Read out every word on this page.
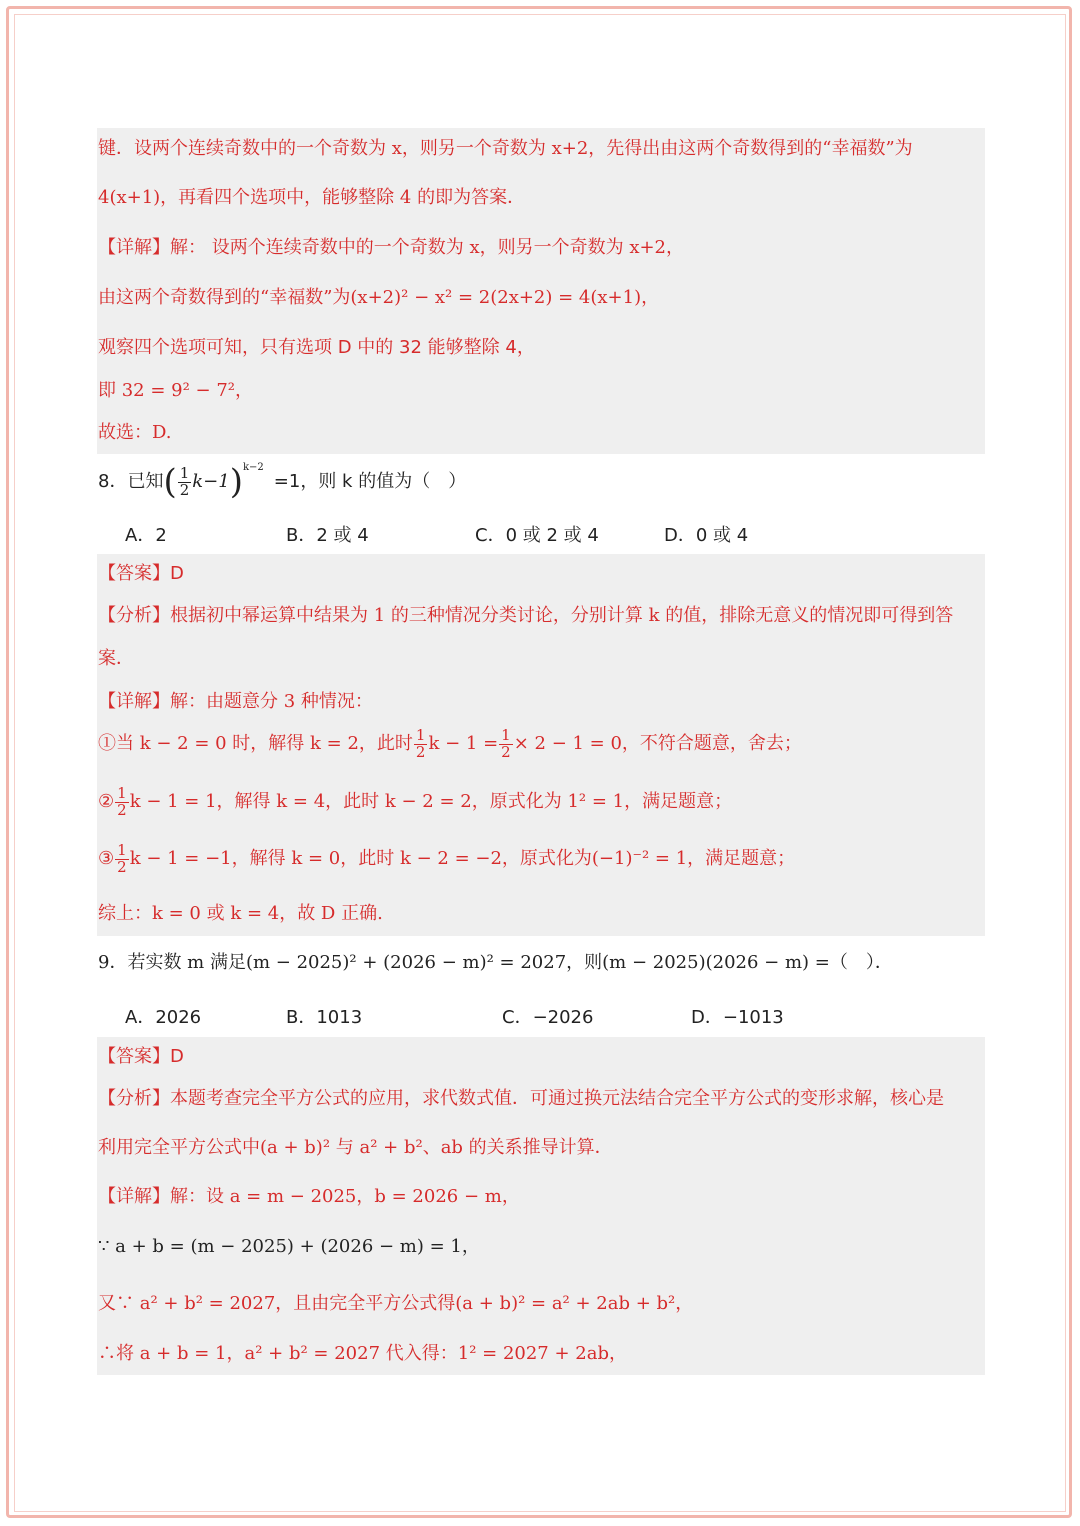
键．设两个连续奇数中的一个奇数为 x，则另一个奇数为 x+2，先得出由这两个奇数得到的“幸福数”为
4(x+1)，再看四个选项中，能够整除 4 的即为答案．
【详解】解： 设两个连续奇数中的一个奇数为 x，则另一个奇数为 x+2，
由这两个奇数得到的“幸福数”为(x+2)² − x² = 2(2x+2) = 4(x+1)，
观察四个选项可知，只有选项 D 中的 32 能够整除 4，
即 32 = 9² − 7²，
故选：D.
8．已知 ( $\frac{1}{2} k-1$ )$^{k-2}$
=1，则 k 的值为（　）
A．2	B．2 或 4	C．0 或 2 或 4	D．0 或 4
【答案】D
【分析】根据初中幂运算中结果为 1 的三种情况分类讨论，分别计算 k 的值，排除无意义的情况即可得到答
案．
【详解】解：由题意分 3 种情况：
①当 k − 2 = 0 时，解得 k = 2，此时 $\frac{1}{2}$ $k - 1 = \frac{1}{2} \times 2 - 1 = 0$，不符合题意，舍去；
② $\frac{1}{2}$ k − 1 = 1，解得 k = 4，此时 k − 2 = 2，原式化为 1² = 1，满足题意；
③ $\frac{1}{2}$ k − 1 = −1，解得 k = 0，此时 k − 2 = −2，原式化为(−1)⁻² = 1，满足题意；
综上：k = 0 或 k = 4，故 D 正确.
9．若实数 m 满足(m − 2025)² + (2026 − m)² = 2027，则(m − 2025)(2026 − m) =（　）．
A．2026	B．1013	C．−2026	D．−1013
【答案】D
【分析】本题考查完全平方公式的应用，求代数式值．可通过换元法结合完全平方公式的变形求解，核心是
利用完全平方公式中(a + b)² 与 a² + b²、ab 的关系推导计算．
【详解】解：设 a = m − 2025，b = 2026 − m，
∵ a + b = (m − 2025) + (2026 − m) = 1，
又∵ a² + b² = 2027，且由完全平方公式得(a + b)² = a² + 2ab + b²，
∴将 a + b = 1，a² + b² = 2027 代入得：1² = 2027 + 2ab，
